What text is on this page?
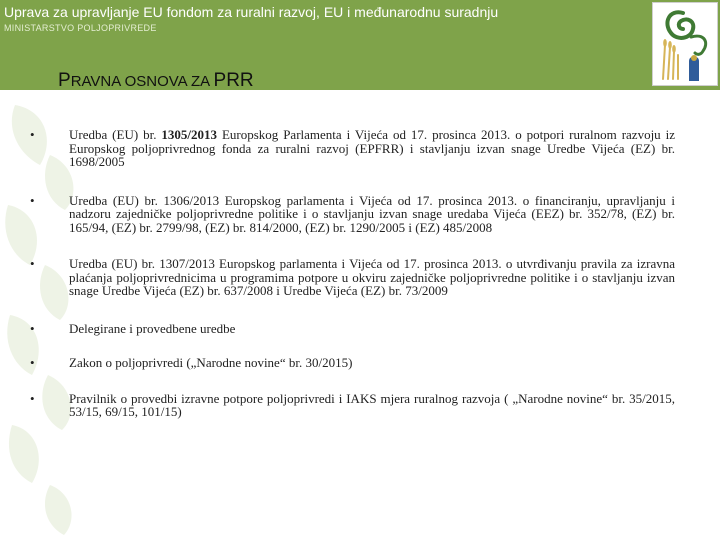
Uprava za upravljanje EU fondom za ruralni razvoj, EU i međunarodnu suradnju
MINISTARSTVO POLJOPRIVREDE
PRAVNA OSNOVA ZA PRR
•	Uredba (EU) br. 1305/2013 Europskog Parlamenta i Vijeća od 17. prosinca 2013. o potpori ruralnom razvoju iz Europskog poljoprivrednog fonda za ruralni razvoj (EPFRR) i stavljanju izvan snage Uredbe Vijeća (EZ) br. 1698/2005
•	Uredba (EU) br. 1306/2013 Europskog parlamenta i Vijeća od 17. prosinca 2013. o financiranju, upravljanju i nadzoru zajedničke poljoprivredne politike i o stavljanju izvan snage uredaba Vijeća (EEZ) br. 352/78, (EZ) br. 165/94, (EZ) br. 2799/98, (EZ) br. 814/2000, (EZ) br. 1290/2005 i (EZ) 485/2008
•	Uredba (EU) br. 1307/2013 Europskog parlamenta i Vijeća od 17. prosinca 2013. o utvrđivanju pravila za izravna plaćanja poljoprivrednicima u programima potpore u okviru zajedničke poljoprivredne politike i o stavljanju izvan snage Uredbe Vijeća (EZ) br. 637/2008 i Uredbe Vijeća (EZ) br. 73/2009
•	Delegirane i provedbene uredbe
•	Zakon o poljoprivredi („Narodne novine“ br. 30/2015)
•	Pravilnik o provedbi izravne potpore poljoprivredi i IAKS mjera ruralnog razvoja ( „Narodne novine“ br. 35/2015, 53/15, 69/15, 101/15)
